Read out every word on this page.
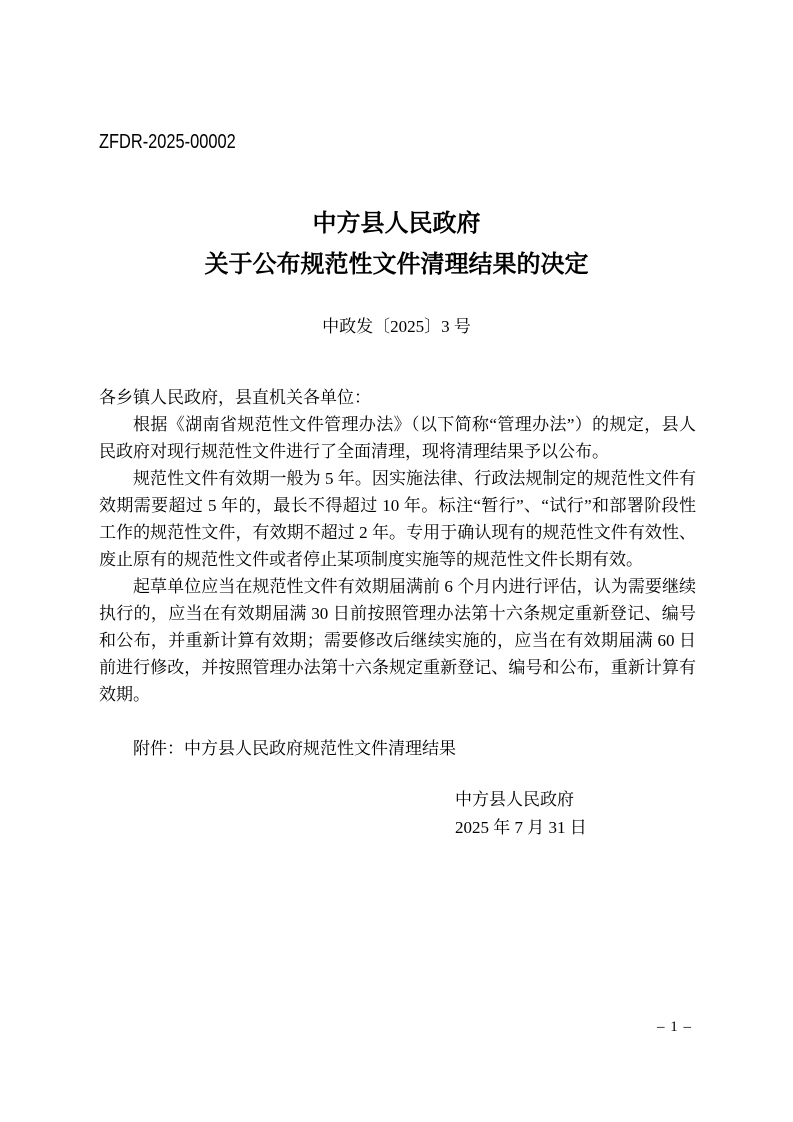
ZFDR-2025-00002
中方县人民政府
关于公布规范性文件清理结果的决定
中政发〔2025〕3 号

各乡镇人民政府，县直机关各单位：

根据《湖南省规范性文件管理办法》（以下简称“管理办法”）的规定，县人民政府对现行规范性文件进行了全面清理，现将清理结果予以公布。

规范性文件有效期一般为 5 年。因实施法律、行政法规制定的规范性文件有效期需要超过 5 年的，最长不得超过 10 年。标注“暂行”、“试行”和部署阶段性工作的规范性文件，有效期不超过 2 年。专用于确认现有的规范性文件有效性、废止原有的规范性文件或者停止某项制度实施等的规范性文件长期有效。

起草单位应当在规范性文件有效期届满前 6 个月内进行评估，认为需要继续执行的，应当在有效期届满 30 日前按照管理办法第十六条规定重新登记、编号和公布，并重新计算有效期；需要修改后继续实施的，应当在有效期届满 60 日前进行修改，并按照管理办法第十六条规定重新登记、编号和公布，重新计算有效期。

附件：中方县人民政府规范性文件清理结果

中方县人民政府
2025 年 7 月 31 日
– 1 –
